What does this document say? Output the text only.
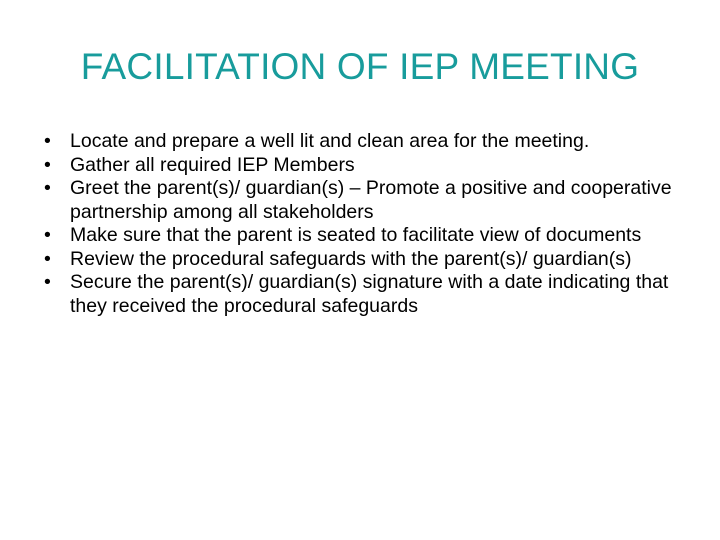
FACILITATION OF IEP MEETING
• Locate and prepare a well lit and clean area for the meeting.
• Gather all required IEP Members
• Greet the parent(s)/ guardian(s) – Promote a positive and cooperative partnership among all stakeholders
• Make sure that the parent is seated to facilitate view of documents
• Review the procedural safeguards with the parent(s)/ guardian(s)
• Secure the parent(s)/ guardian(s) signature with a date indicating that they received the procedural safeguards
